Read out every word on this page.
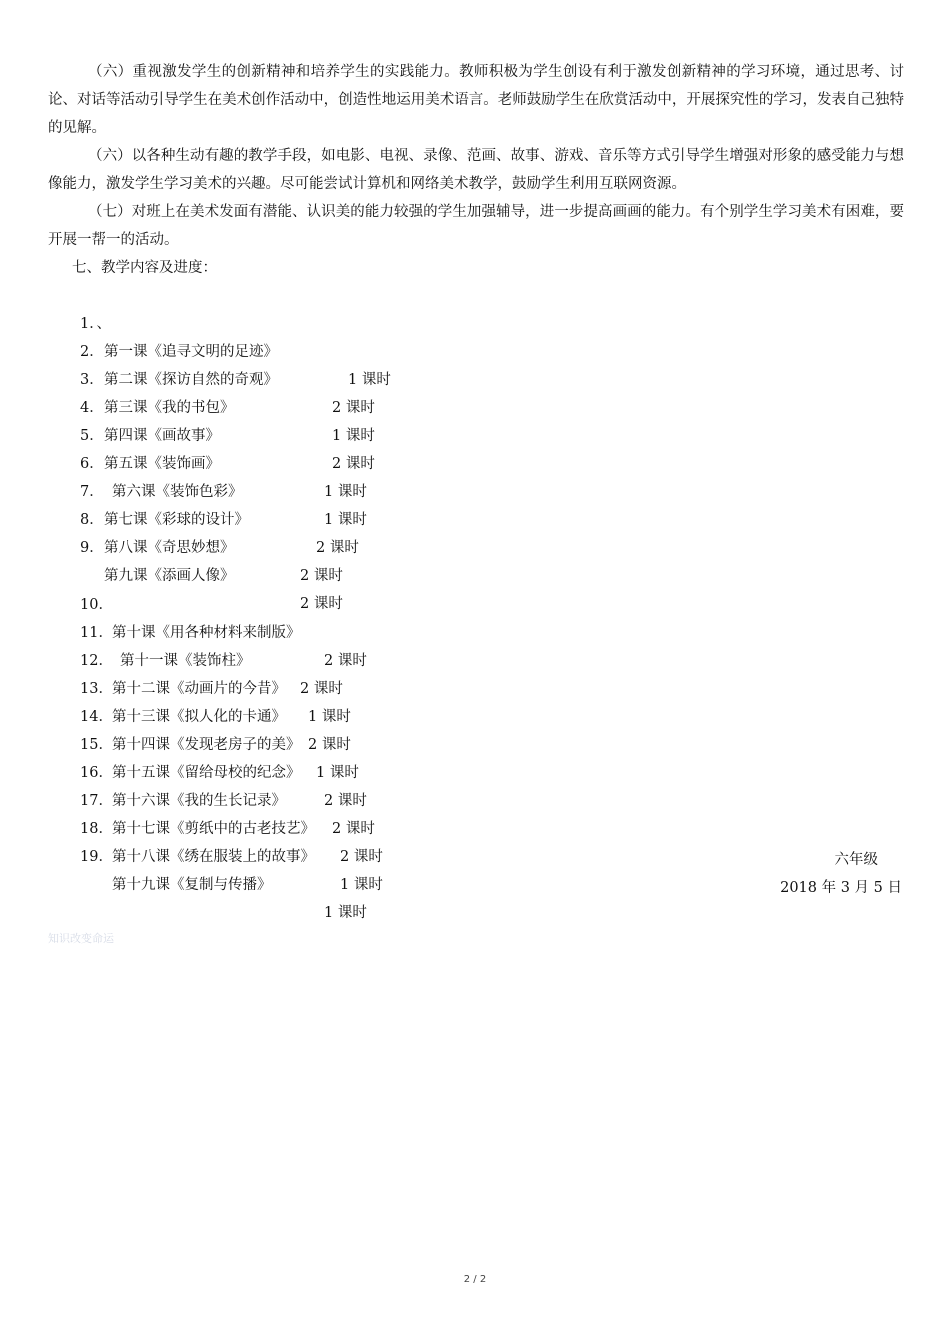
（六）重视激发学生的创新精神和培养学生的实践能力。教师积极为学生创设有利于激发创新精神的学习环境，通过思考、讨论、对话等活动引导学生在美术创作活动中，创造性地运用美术语言。老师鼓励学生在欣赏活动中，开展探究性的学习，发表自己独特的见解。

（六）以各种生动有趣的教学手段，如电影、电视、录像、范画、故事、游戏、音乐等方式引导学生增强对形象的感受能力与想像能力，激发学生学习美术的兴趣。尽可能尝试计算机和网络美术教学，鼓励学生利用互联网资源。

（七）对班上在美术发面有潜能、认识美的能力较强的学生加强辅导，进一步提高画画的能力。有个别学生学习美术有困难，要开展一帮一的活动。

七、教学内容及进度：

1．、

第一课《追寻文明的足迹》

1 课时

2．

第二课《探访自然的奇观》

2 课时

3．

第三课《我的书包》

1 课时

4．

第四课《画故事》

2 课时

5．

第五课《装饰画》

1 课时

6．

第六课《装饰色彩》

1 课时

7．

第七课《彩球的设计》

2 课时

8．

第八课《奇思妙想》

2 课时

9．

第九课《添画人像》

2 课时

10．

第十课《用各种材料来制版》

2 课时

11．

第十一课《装饰柱》

2 课时

12．

第十二课《动画片的今昔》

1 课时

13．

第十三课《拟人化的卡通》

2 课时

14．

第十四课《发现老房子的美》

1 课时

15．

第十五课《留给母校的纪念》

2 课时

16．

第十六课《我的生长记录》

2 课时

17．

第十七课《剪纸中的古老技艺》

2 课时

18．

第十八课《绣在服装上的故事》

1 课时

19．

第十九课《复制与传播》

1 课时

六年级

2018 年 3 月 5 日

知识改变命运
2 / 2
